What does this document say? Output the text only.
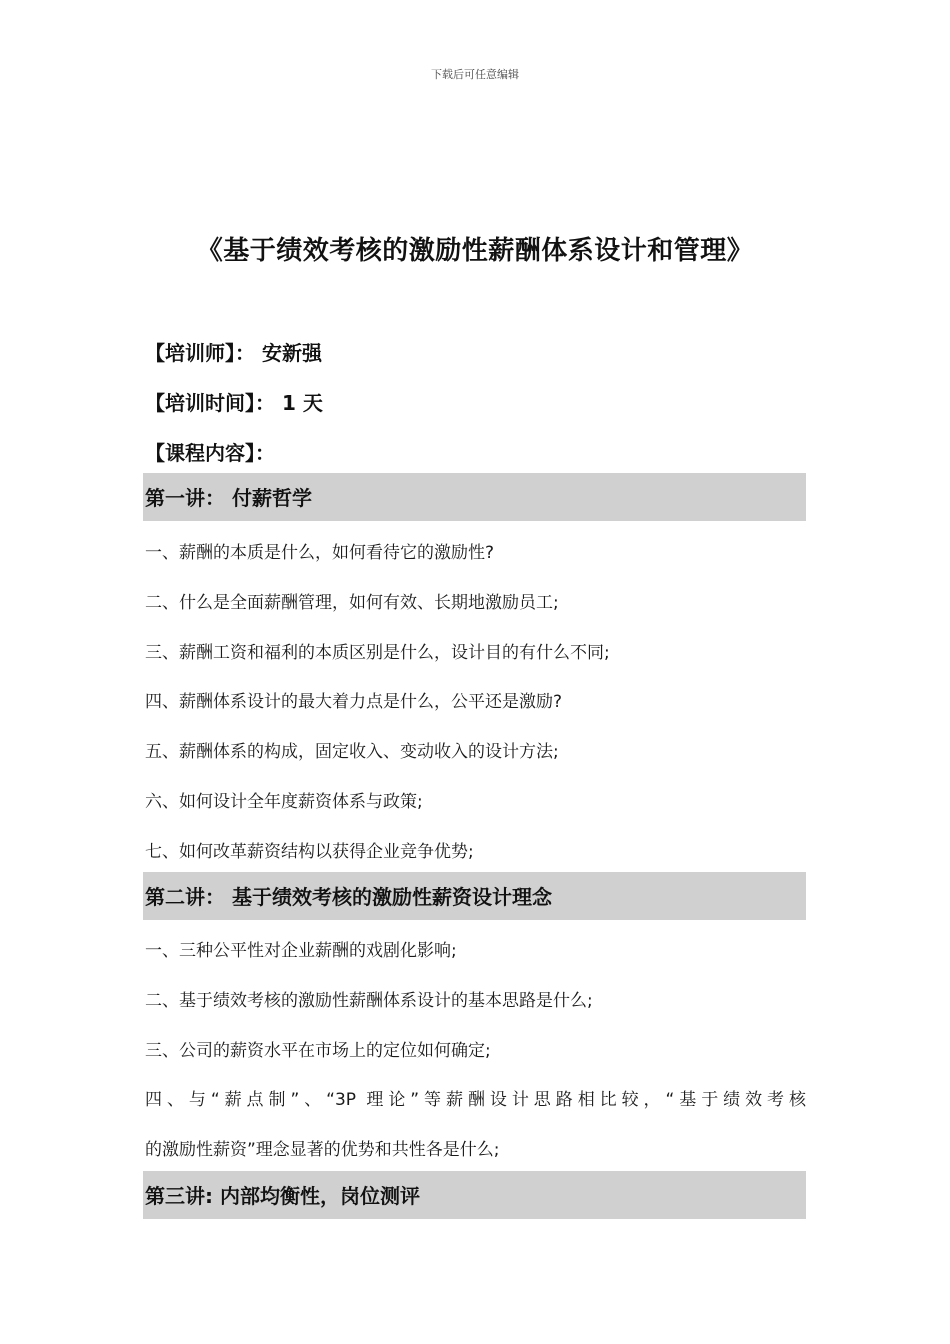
下载后可任意编辑
《基于绩效考核的激励性薪酬体系设计和管理》
【培训师】： 安新强
【培训时间】： 1 天
【课程内容】：
第一讲： 付薪哲学
一、薪酬的本质是什么，如何看待它的激励性?
二、什么是全面薪酬管理，如何有效、长期地激励员工;
三、薪酬工资和福利的本质区别是什么，设计目的有什么不同;
四、薪酬体系设计的最大着力点是什么，公平还是激励?
五、薪酬体系的构成，固定收入、变动收入的设计方法;
六、如何设计全年度薪资体系与政策;
七、如何改革薪资结构以获得企业竞争优势;
第二讲： 基于绩效考核的激励性薪资设计理念
一、三种公平性对企业薪酬的戏剧化影响;
二、基于绩效考核的激励性薪酬体系设计的基本思路是什么;
三、公司的薪资水平在市场上的定位如何确定;
四、与“薪点制”、“3P 理论”等薪酬设计思路相比较，“基于绩效考核
的激励性薪资”理念显著的优势和共性各是什么;
第三讲: 内部均衡性，岗位测评
